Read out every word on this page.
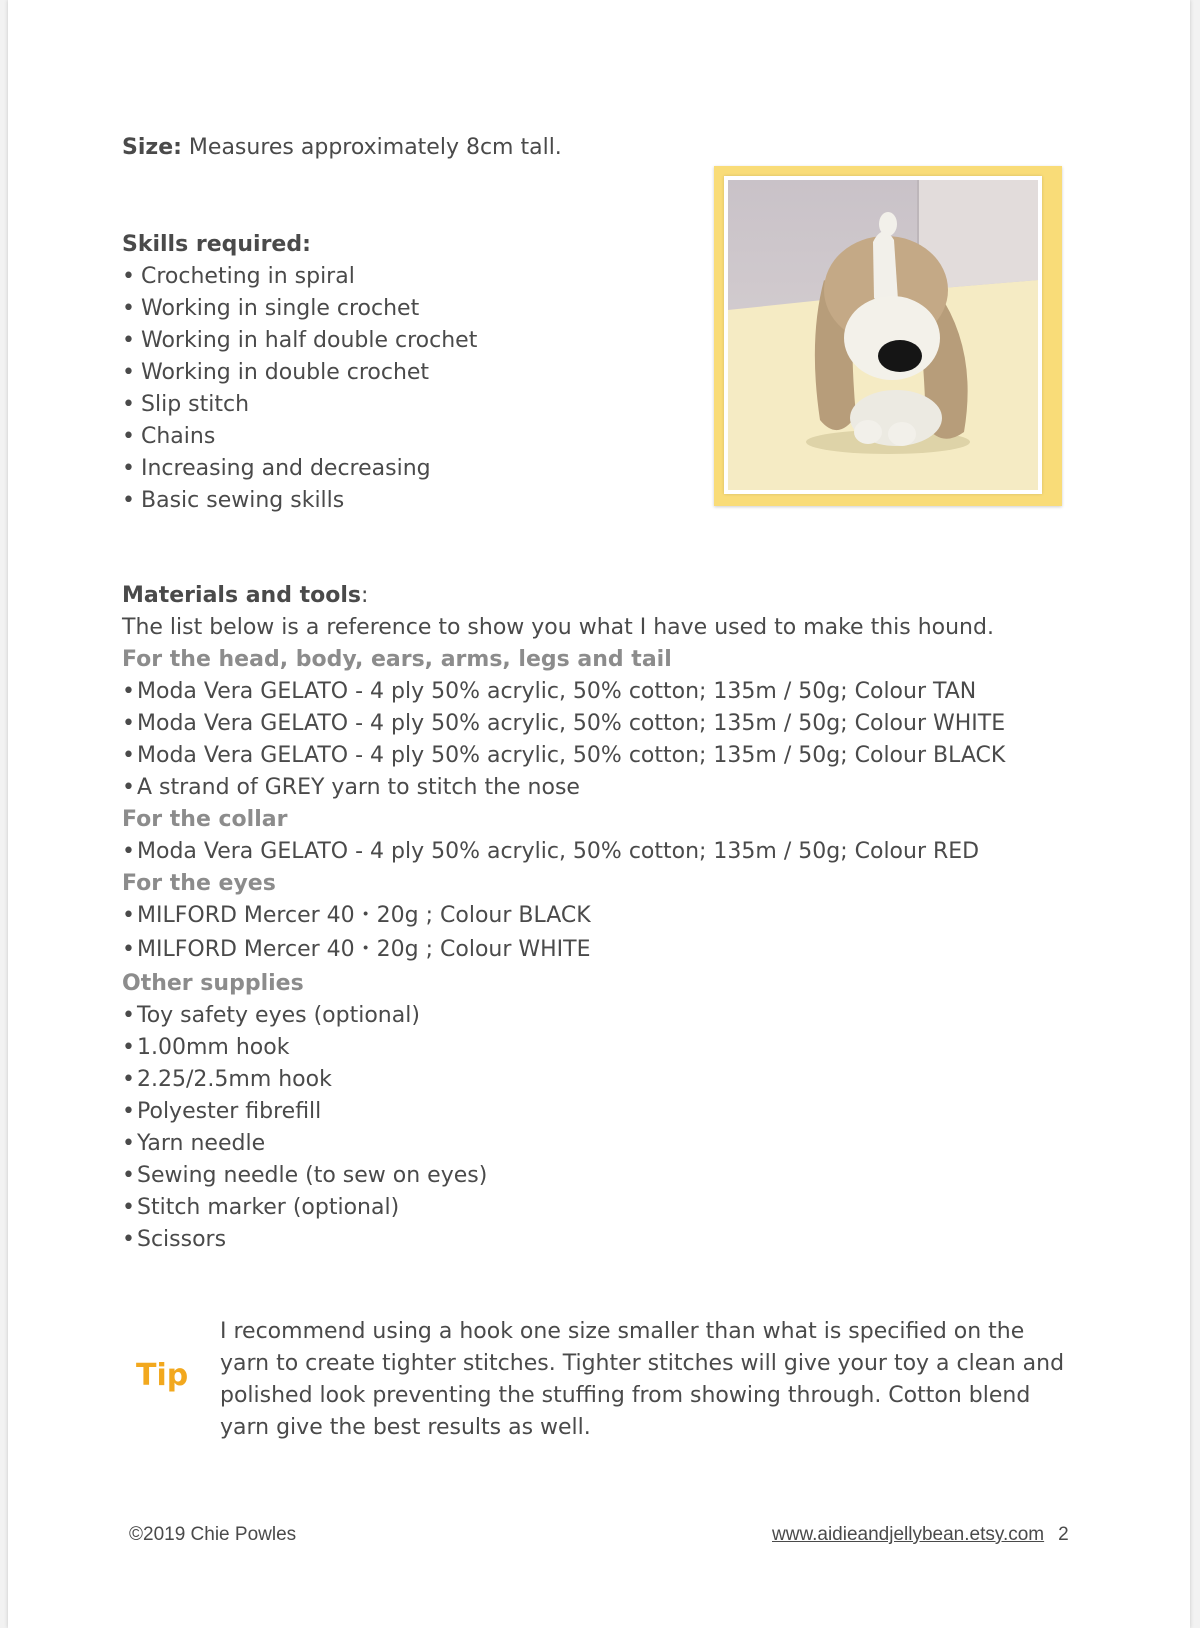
Size: Measures approximately 8cm tall.
Skills required:
• Crocheting in spiral
• Working in single crochet
• Working in half double crochet
• Working in double crochet
• Slip stitch
• Chains
• Increasing and decreasing
• Basic sewing skills
Materials and tools:
The list below is a reference to show you what I have used to make this hound.
For the head, body, ears, arms, legs and tail
•Moda Vera GELATO - 4 ply 50% acrylic, 50% cotton; 135m / 50g; Colour TAN
•Moda Vera GELATO - 4 ply 50% acrylic, 50% cotton; 135m / 50g; Colour WHITE
•Moda Vera GELATO - 4 ply 50% acrylic, 50% cotton; 135m / 50g; Colour BLACK
•A strand of GREY yarn to stitch the nose
For the collar
•Moda Vera GELATO - 4 ply 50% acrylic, 50% cotton; 135m / 50g; Colour RED
For the eyes
•MILFORD Mercer 40・20g ; Colour BLACK
•MILFORD Mercer 40・20g ; Colour WHITE
Other supplies
•Toy safety eyes (optional)
•1.00mm hook
•2.25/2.5mm hook
•Polyester fibrefill
•Yarn needle
•Sewing needle (to sew on eyes)
•Stitch marker (optional)
•Scissors
Tip
I recommend using a hook one size smaller than what is specified on the
yarn to create tighter stitches. Tighter stitches will give your toy a clean and
polished look preventing the stuffing from showing through. Cotton blend
yarn give the best results as well.
©2019 Chie Powles	www.aidieandjellybean.etsy.com 2
